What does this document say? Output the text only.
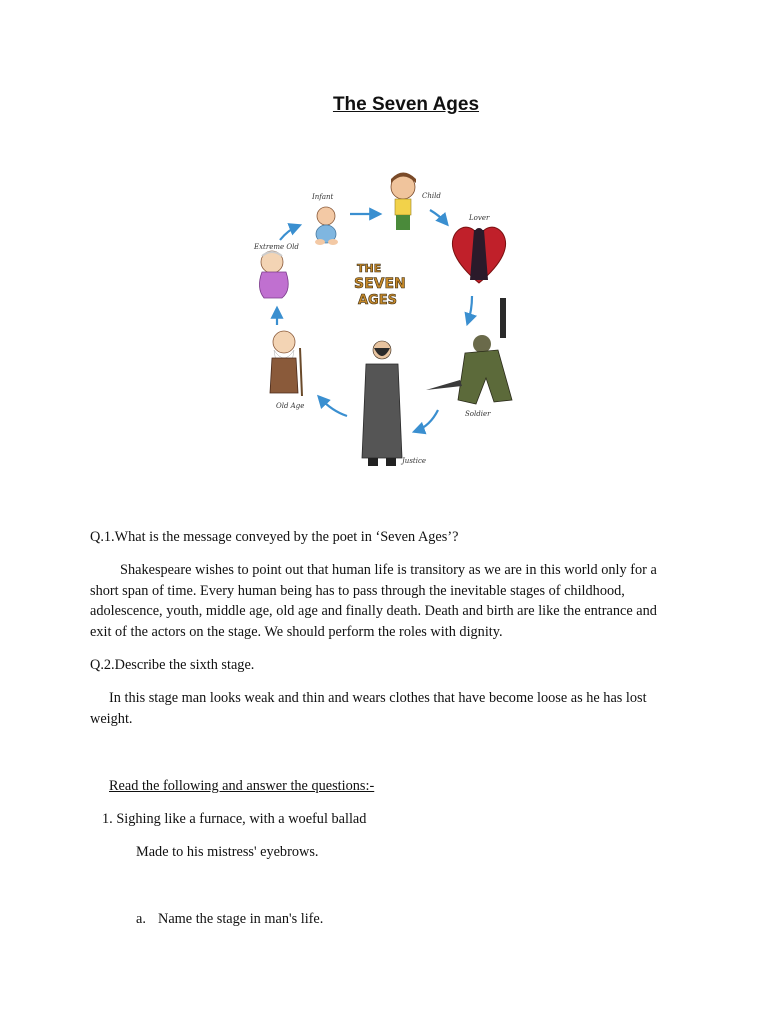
The Seven Ages
THE
SEVEN
AGES
Infant	Child
Lover
Soldier
Justice
Old Age
Extreme Old

Q.1.What is the message conveyed by the poet in ‘Seven Ages’?

Shakespeare wishes to point out that human life is transitory as we are in this world only for a short span of time. Every human being has to pass through the inevitable stages of childhood, adolescence, youth, middle age, old age and finally death. Death and birth are like the entrance and exit of the actors on the stage. We should perform the roles with dignity.

Q.2.Describe the sixth stage.

In this stage man looks weak and thin and wears clothes that have become loose as he has lost weight.

Read the following and answer the questions:-

1. Sighing like a furnace, with a woeful ballad

Made to his mistress' eyebrows.

a. Name the stage in man's life.
